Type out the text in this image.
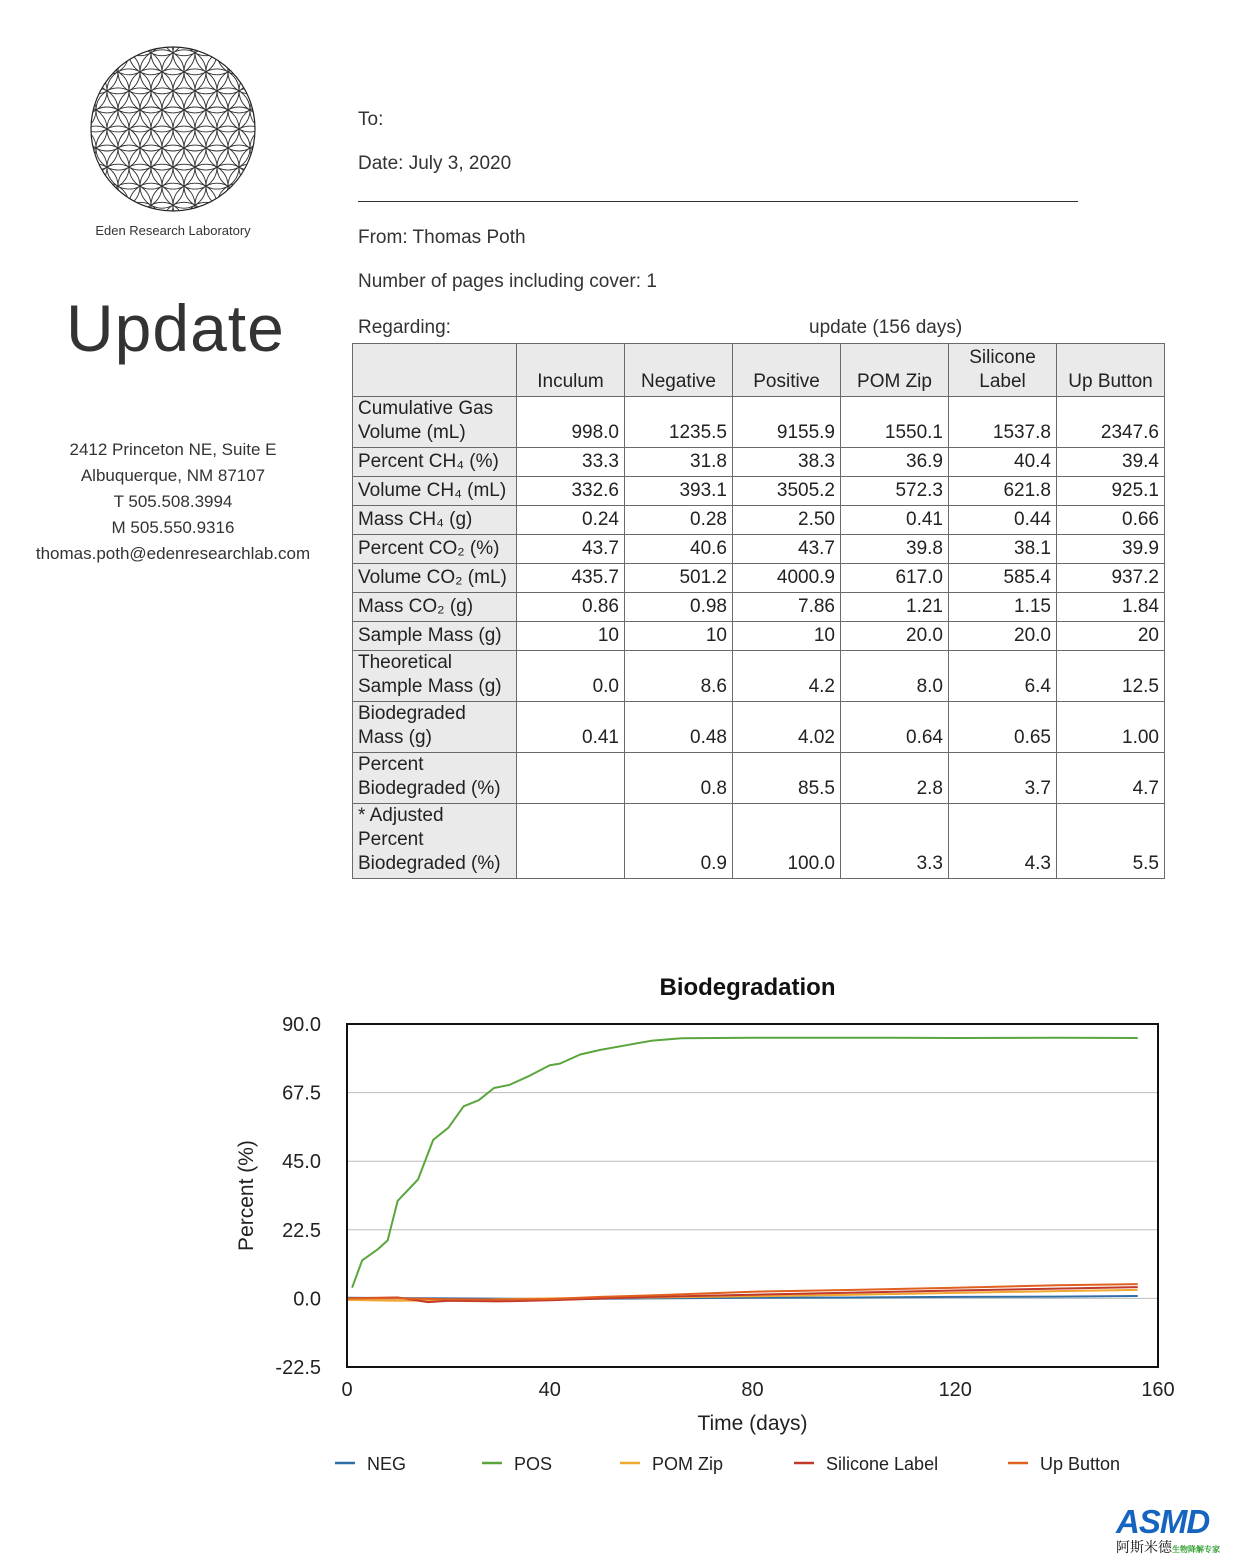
Eden Research Laboratory
Update
2412 Princeton NE, Suite E
Albuquerque, NM 87107
T 505.508.3994
M 505.550.9316
thomas.poth@edenresearchlab.com
To:
Date: July 3, 2020
From: Thomas Poth
Number of pages including cover: 1
Regarding:	update (156 days)
	Inculum	Negative	Positive	POM Zip	Silicone Label	Up Button
Cumulative Gas Volume (mL)	998.0	1235.5	9155.9	1550.1	1537.8	2347.6
Percent CH₄ (%)	33.3	31.8	38.3	36.9	40.4	39.4
Volume CH₄ (mL)	332.6	393.1	3505.2	572.3	621.8	925.1
Mass CH₄ (g)	0.24	0.28	2.50	0.41	0.44	0.66
Percent CO₂ (%)	43.7	40.6	43.7	39.8	38.1	39.9
Volume CO₂ (mL)	435.7	501.2	4000.9	617.0	585.4	937.2
Mass CO₂ (g)	0.86	0.98	7.86	1.21	1.15	1.84
Sample Mass (g)	10	10	10	20.0	20.0	20
Theoretical Sample Mass (g)	0.0	8.6	4.2	8.0	6.4	12.5
Biodegraded Mass (g)	0.41	0.48	4.02	0.64	0.65	1.00
Percent Biodegraded (%)		0.8	85.5	2.8	3.7	4.7
* Adjusted Percent Biodegraded (%)		0.9	100.0	3.3	4.3	5.5
90.0
67.5
45.0
22.5
0.0
-22.5
0	40	80	120	160
Biodegradation
Time (days)
Percent (%)
NEG	POS	POM Zip	Silicone Label	Up Button
ASMD
阿斯米德生物降解专家
